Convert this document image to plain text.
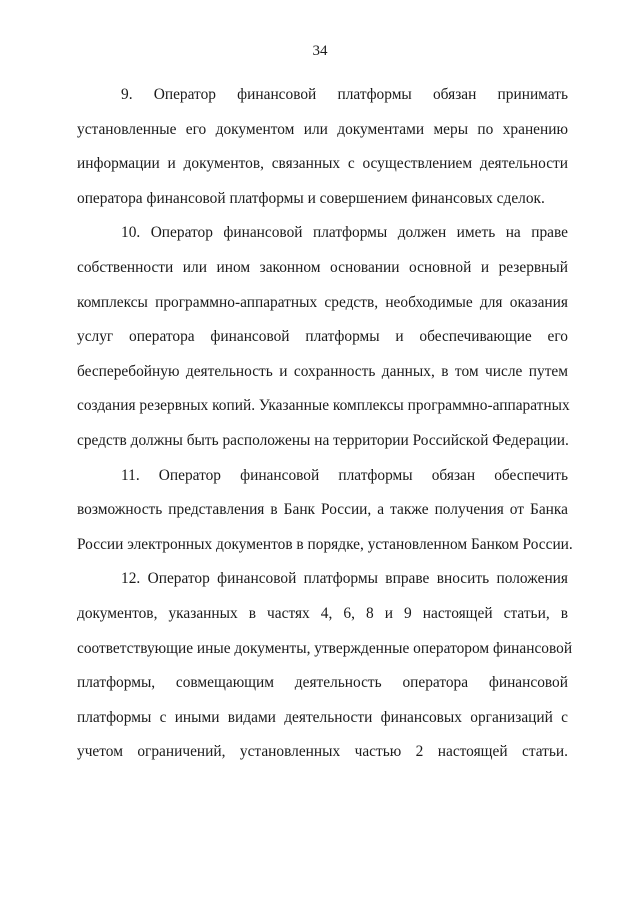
34
9. Оператор финансовой платформы обязан принимать
установленные его документом или документами меры по хранению
информации и документов, связанных с осуществлением деятельности
оператора финансовой платформы и совершением финансовых сделок.
10. Оператор финансовой платформы должен иметь на праве
собственности или ином законном основании основной и резервный
комплексы программно-аппаратных средств, необходимые для оказания
услуг оператора финансовой платформы и обеспечивающие его
бесперебойную деятельность и сохранность данных, в том числе путем
создания резервных копий. Указанные комплексы программно-аппаратных
средств должны быть расположены на территории Российской Федерации.
11. Оператор финансовой платформы обязан обеспечить
возможность представления в Банк России, а также получения от Банка
России электронных документов в порядке, установленном Банком России.
12. Оператор финансовой платформы вправе вносить положения
документов, указанных в частях 4, 6, 8 и 9 настоящей статьи, в
соответствующие иные документы, утвержденные оператором финансовой
платформы, совмещающим деятельность оператора финансовой
платформы с иными видами деятельности финансовых организаций с
учетом ограничений, установленных частью 2 настоящей статьи.
